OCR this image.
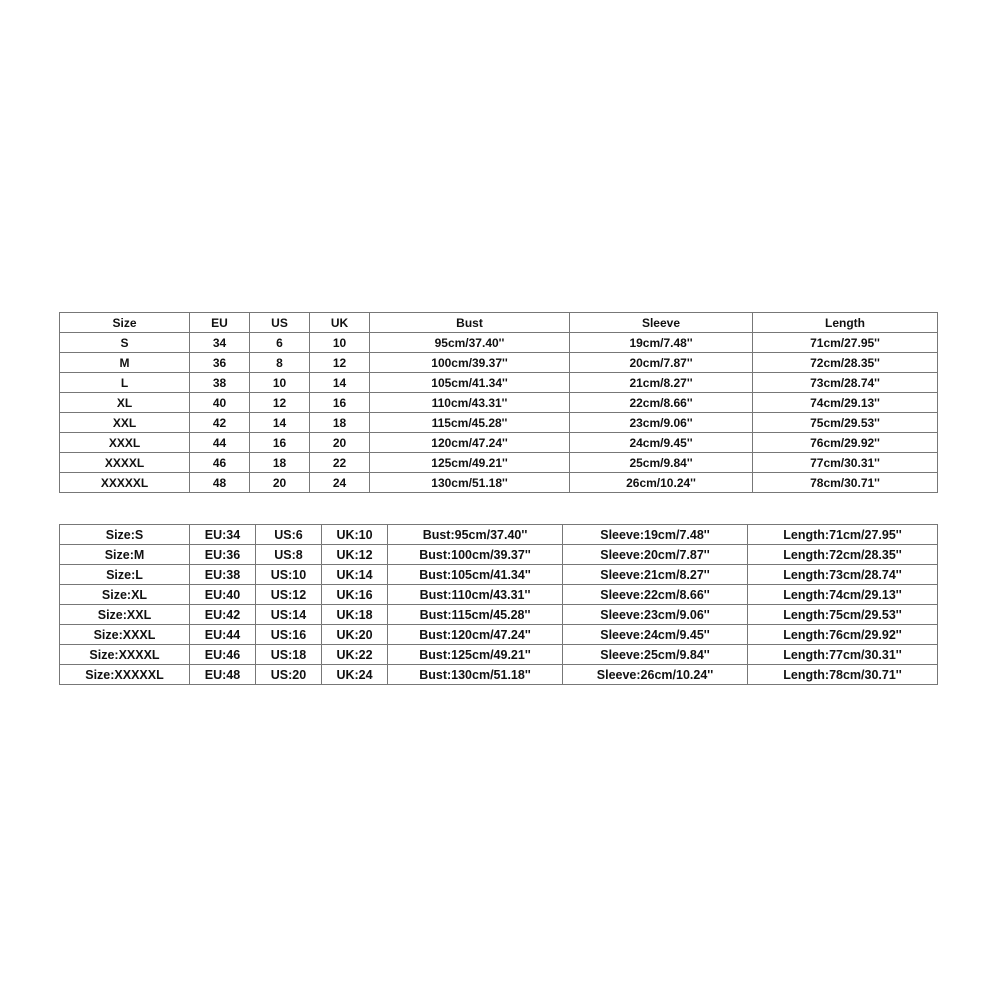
Size	EU	US	UK	Bust	Sleeve	Length
S	34	6	10	95cm/37.40''	19cm/7.48''	71cm/27.95''
M	36	8	12	100cm/39.37''	20cm/7.87''	72cm/28.35''
L	38	10	14	105cm/41.34''	21cm/8.27''	73cm/28.74''
XL	40	12	16	110cm/43.31''	22cm/8.66''	74cm/29.13''
XXL	42	14	18	115cm/45.28''	23cm/9.06''	75cm/29.53''
XXXL	44	16	20	120cm/47.24''	24cm/9.45''	76cm/29.92''
XXXXL	46	18	22	125cm/49.21''	25cm/9.84''	77cm/30.31''
XXXXXL	48	20	24	130cm/51.18''	26cm/10.24''	78cm/30.71''
Size:S	EU:34	US:6	UK:10	Bust:95cm/37.40''	Sleeve:19cm/7.48''	Length:71cm/27.95''
Size:M	EU:36	US:8	UK:12	Bust:100cm/39.37''	Sleeve:20cm/7.87''	Length:72cm/28.35''
Size:L	EU:38	US:10	UK:14	Bust:105cm/41.34''	Sleeve:21cm/8.27''	Length:73cm/28.74''
Size:XL	EU:40	US:12	UK:16	Bust:110cm/43.31''	Sleeve:22cm/8.66''	Length:74cm/29.13''
Size:XXL	EU:42	US:14	UK:18	Bust:115cm/45.28''	Sleeve:23cm/9.06''	Length:75cm/29.53''
Size:XXXL	EU:44	US:16	UK:20	Bust:120cm/47.24''	Sleeve:24cm/9.45''	Length:76cm/29.92''
Size:XXXXL	EU:46	US:18	UK:22	Bust:125cm/49.21''	Sleeve:25cm/9.84''	Length:77cm/30.31''
Size:XXXXXL	EU:48	US:20	UK:24	Bust:130cm/51.18''	Sleeve:26cm/10.24''	Length:78cm/30.71''
